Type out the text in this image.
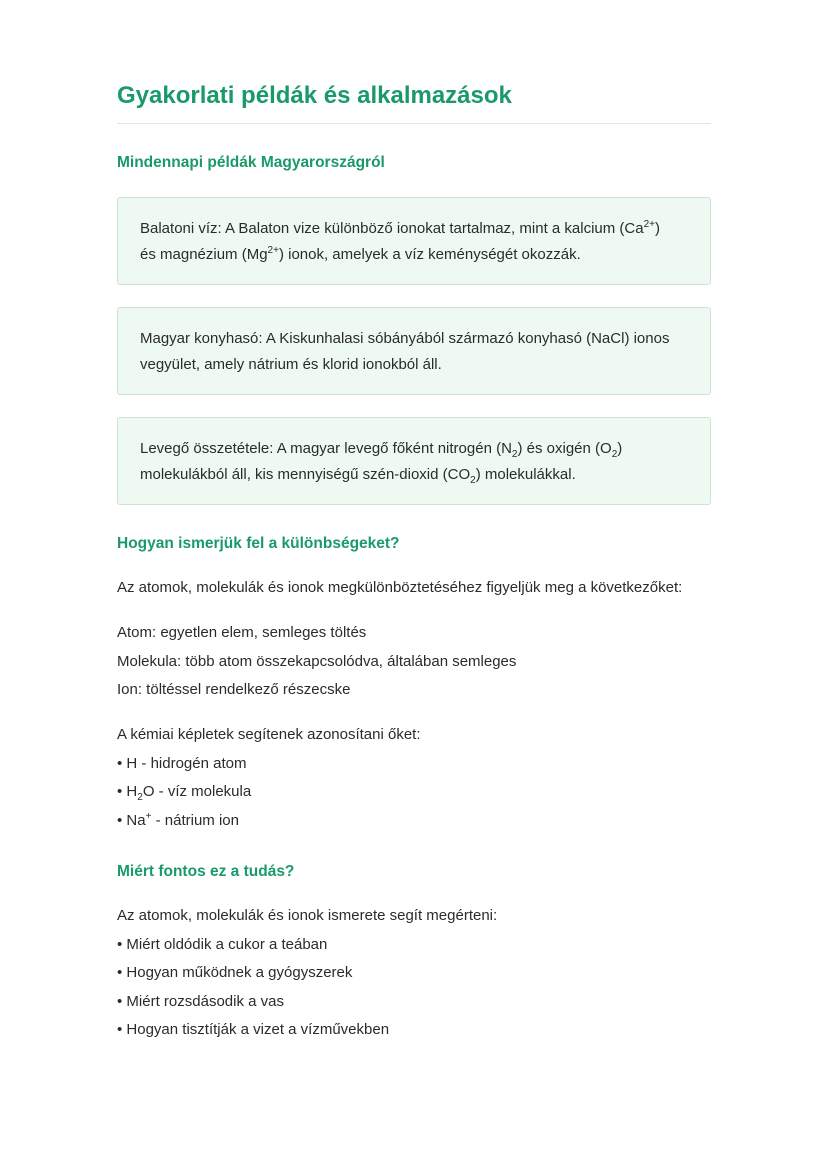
Gyakorlati példák és alkalmazások
Mindennapi példák Magyarországról
Balatoni víz: A Balaton vize különböző ionokat tartalmaz, mint a kalcium $(Ca^{2+})$
és magnézium $(Mg^{2+})$ ionok, amelyek a víz keménységét okozzák.
Magyar konyhasó: A Kiskunhalasi sóbányából származó konyhasó (NaCl) ionos
vegyület, amely nátrium és klorid ionokból áll.
Levegő összetétele: A magyar levegő főként nitrogén $(N_2)$ és oxigén $(O_2)$
molekulákból áll, kis mennyiségű szén-dioxid $(CO_2)$ molekulákkal.
Hogyan ismerjük fel a különbségeket?
Az atomok, molekulák és ionok megkülönböztetéséhez figyeljük meg a következőket:
Atom: egyetlen elem, semleges töltés
Molekula: több atom összekapcsolódva, általában semleges
Ion: töltéssel rendelkező részecske
A kémiai képletek segítenek azonosítani őket:
• H - hidrogén atom
• $H_2O$ - víz molekula
• Na+ - nátrium ion
Miért fontos ez a tudás?
Az atomok, molekulák és ionok ismerete segít megérteni:
• Miért oldódik a cukor a teában
• Hogyan működnek a gyógyszerek
• Miért rozsdásodik a vas
• Hogyan tisztítják a vizet a vízművekben
